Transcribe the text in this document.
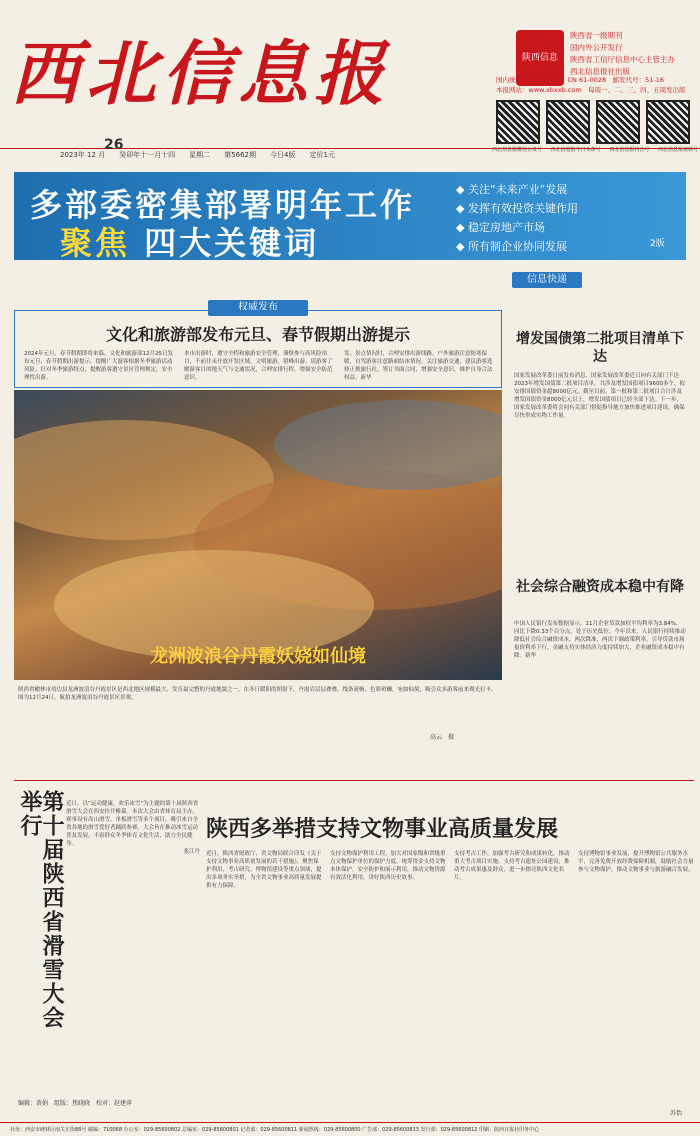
西北信息报	陕西信息
陕西省一级期刊
国内外公开发行
陕西省工信厅信息中心主管主办
西北信息报社出版
国内统一连续出版物号：CN 61-0028　邮发代号：51-16
本报网站：www.xbxxb.com　每周一、二、三、四、五周发出版
西北信息报微信公众号 西北信息报今日头条号 西北信息报抖音号 西北信息报视频号
26
2023年 12 月 癸卯年十一月十四 星期二 第5662期 今日4版 定价1元
多部委密集部署明年工作
聚焦 四大关键词
◆ 关注“未来产业”发展
◆ 发挥有效投资关键作用
◆ 稳定房地产市场
◆ 所有制企业协同发展	2版
权威发布
文化和旅游部发布元旦、春节假期出游提示

2024年元旦、春节假期即将来临，文化和旅游部12月25日发布元旦、春节假期出游提示，提醒广大游客根据冬季旅游活动风险。针对冬季旅游特点，提醒游客遵守景区管理规定，安全理性出游。

本市出游时，遵守全程和旅游安全管理，谨慎参与高风险项目，不前往未开放开发区域，文明旅游，错峰出游。请游客了解游客目的地天气与交通状况，合理安排行程，增强安全防范意识。

发、景点情况时，合理安排出游线路，户外旅游注意防寒保暖，自驾游客注意路面结冰情况，关注旅游交通，建议游客选择正规旅行社，签订书面合同，增强安全意识，维护自身合法权益。新华

龙洲波浪谷丹霞妖娆如仙境
陕西省榆林市靖边县龙洲波浪谷丹霞景区是西北地区规模最大、发育最完整的丹霞地貌之一，在冬日暖阳的照射下，丹霞岩层层叠叠，线条流畅，色彩斑斓，宛如仙境，吸引众多游客前来观光打卡。图为12月24日，航拍龙洲波浪谷丹霞景区景观。
高云　摄
信息快递
增发国债第二批项目清单下达
国家发展改革委日前发布消息，国家发展改革委近日向有关部门下达2023年增发国债第二批项目清单，共涉及增发国债项目9600多个，拟安排国债资金超8000亿元。截至目前，第一批和第二批项目合计涉及增发国债资金8000亿元以上，增发国债项目已经全部下达。下一步，国家发展改革委将会同有关部门督促指导地方加快推进项目建设，确保尽快形成实物工作量。
社会综合融资成本稳中有降
中国人民银行发布数据显示，11月企业贷款加权平均利率为3.84%，同比下降0.33个百分点，处于历史低位。今年以来，人民银行持续推动降低社会综合融资成本，两次降准，两次下调政策利率，引导贷款市场报价利率下行，金融支持实体经济力度持续加大，企业融资成本稳中有降。新华
第十届陕西省滑雪大会举行	近日，以“运动健康，欢乐冰雪”为主题的第十届陕西省滑雪大会在西安拉开帷幕。本次大会由省体育局主办，赛事设有高山滑雪、单板滑雪等多个项目，吸引来自全省各地的滑雪爱好者踊跃参赛。大会旨在推动冰雪运动普及发展，丰富群众冬季体育文化生活，助力全民健身。
张江丹
编辑：黄娟　组版：焦晓晓　校对：赵建萍
陕西多举措支持文物事业高质量发展

近日，陕西省财政厅、省文物局联合印发《关于支持文物事业高质量发展的若干措施》，聚焦保护利用、考古研究、博物馆建设等重点领域，提出多项务实举措，为全省文物事业高质量发展提供有力保障。

支持文物保护利用工程，加大对国家级和省级重点文物保护单位的保护力度，统筹资金支持文物本体保护、安全防护和展示利用，推动文物资源有效活化利用，讲好陕西历史故事。

支持考古工作，加强考古研究和成果转化，推动重大考古项目实施，支持考古遗址公园建设，推动考古成果惠及群众，进一步擦亮陕西文化名片。

支持博物馆事业发展，提升博物馆公共服务水平，完善免费开放经费保障机制，鼓励社会力量参与文物保护，推动文物事业与旅游融合发展。

苏怡
社址：西安市碑林区南关正街88号 邮编：710068 办公室：029-85600802 总编室：029-85600801 记者部：029-85600811 新闻热线：029-85600800 广告部：029-85600813 发行部：029-85600812 印刷：陕西日报社印务中心
